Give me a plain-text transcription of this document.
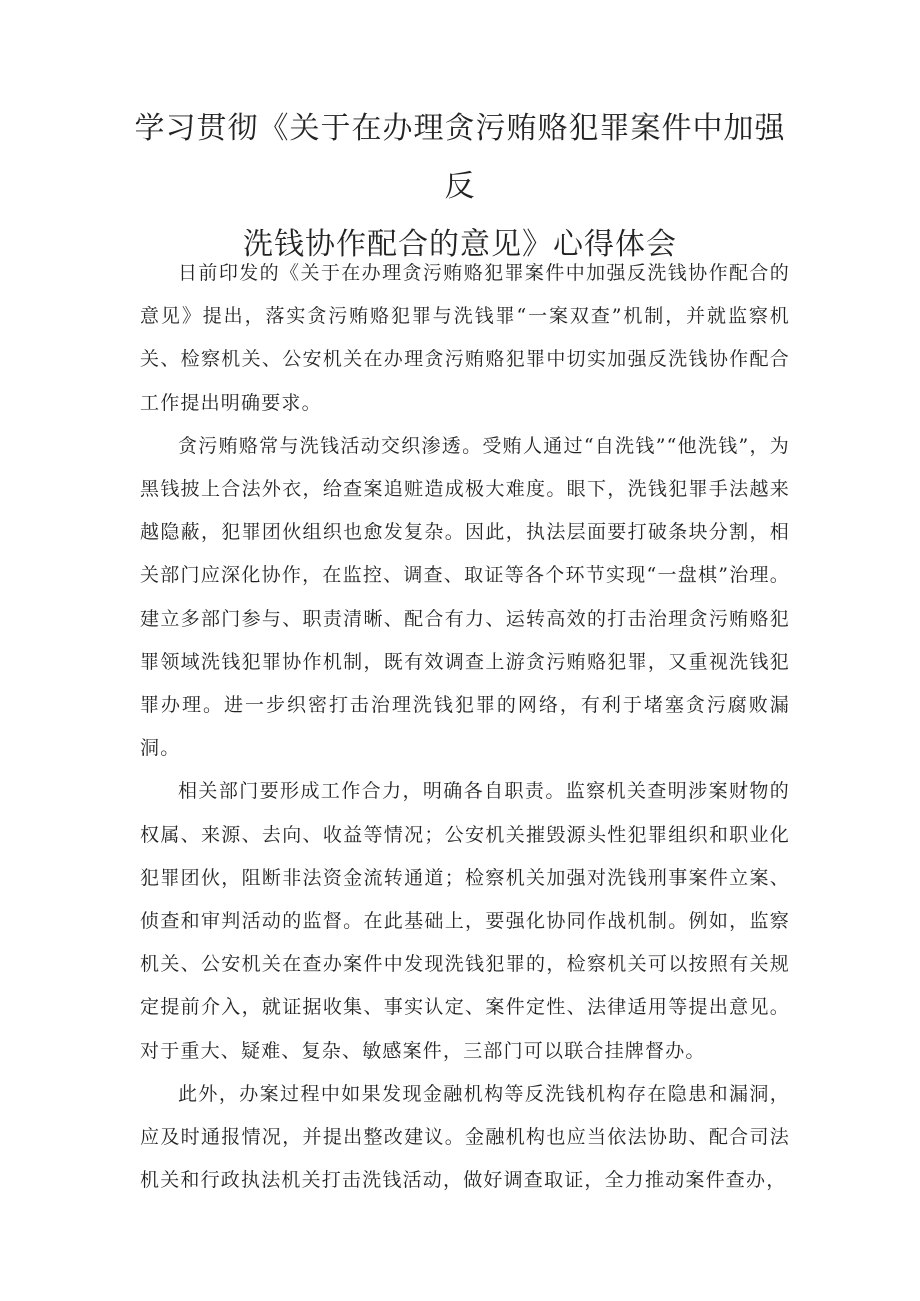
学习贯彻《关于在办理贪污贿赂犯罪案件中加强反
洗钱协作配合的意见》心得体会

日前印发的《关于在办理贪污贿赂犯罪案件中加强反洗钱协作配合的意见》提出，落实贪污贿赂犯罪与洗钱罪“一案双查”机制，并就监察机关、检察机关、公安机关在办理贪污贿赂犯罪中切实加强反洗钱协作配合工作提出明确要求。

贪污贿赂常与洗钱活动交织渗透。受贿人通过“自洗钱”“他洗钱”，为黑钱披上合法外衣，给查案追赃造成极大难度。眼下，洗钱犯罪手法越来越隐蔽，犯罪团伙组织也愈发复杂。因此，执法层面要打破条块分割，相关部门应深化协作，在监控、调查、取证等各个环节实现“一盘棋”治理。建立多部门参与、职责清晰、配合有力、运转高效的打击治理贪污贿赂犯罪领域洗钱犯罪协作机制，既有效调查上游贪污贿赂犯罪，又重视洗钱犯罪办理。进一步织密打击治理洗钱犯罪的网络，有利于堵塞贪污腐败漏洞。

相关部门要形成工作合力，明确各自职责。监察机关查明涉案财物的权属、来源、去向、收益等情况；公安机关摧毁源头性犯罪组织和职业化犯罪团伙，阻断非法资金流转通道；检察机关加强对洗钱刑事案件立案、侦查和审判活动的监督。在此基础上，要强化协同作战机制。例如，监察机关、公安机关在查办案件中发现洗钱犯罪的，检察机关可以按照有关规定提前介入，就证据收集、事实认定、案件定性、法律适用等提出意见。对于重大、疑难、复杂、敏感案件，三部门可以联合挂牌督办。

此外，办案过程中如果发现金融机构等反洗钱机构存在隐患和漏洞，应及时通报情况，并提出整改建议。金融机构也应当依法协助、配合司法机关和行政执法机关打击洗钱活动，做好调查取证，全力推动案件查办，
